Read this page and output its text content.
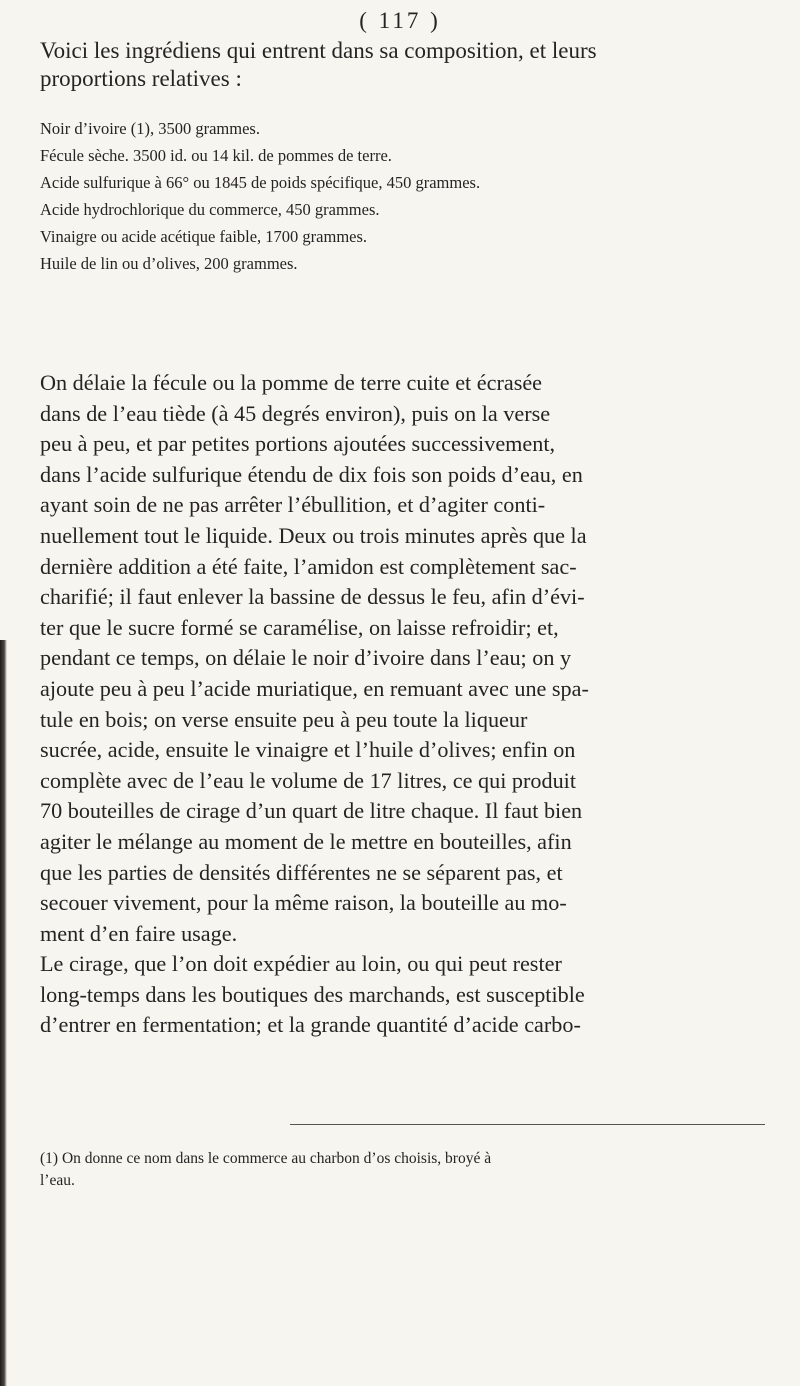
( 117 )
Voici les ingrédiens qui entrent dans sa composition, et leurs
proportions relatives :
Noir d’ivoire (1), 3500 grammes.
Fécule sèche. 3500 id. ou 14 kil. de pommes de terre.
Acide sulfurique à 66° ou 1845 de poids spécifique, 450 grammes.
Acide hydrochlorique du commerce, 450 grammes.
Vinaigre ou acide acétique faible, 1700 grammes.
Huile de lin ou d’olives, 200 grammes.
On délaie la fécule ou la pomme de terre cuite et écrasée
dans de l’eau tiède (à 45 degrés environ), puis on la verse
peu à peu, et par petites portions ajoutées successivement,
dans l’acide sulfurique étendu de dix fois son poids d’eau, en
ayant soin de ne pas arrêter l’ébullition, et d’agiter conti-
nuellement tout le liquide. Deux ou trois minutes après que la
dernière addition a été faite, l’amidon est complètement sac-
charifié; il faut enlever la bassine de dessus le feu, afin d’évi-
ter que le sucre formé se caramélise, on laisse refroidir; et,
pendant ce temps, on délaie le noir d’ivoire dans l’eau; on y
ajoute peu à peu l’acide muriatique, en remuant avec une spa-
tule en bois; on verse ensuite peu à peu toute la liqueur
sucrée, acide, ensuite le vinaigre et l’huile d’olives; enfin on
complète avec de l’eau le volume de 17 litres, ce qui produit
70 bouteilles de cirage d’un quart de litre chaque. Il faut bien
agiter le mélange au moment de le mettre en bouteilles, afin
que les parties de densités différentes ne se séparent pas, et
secouer vivement, pour la même raison, la bouteille au mo-
ment d’en faire usage.
Le cirage, que l’on doit expédier au loin, ou qui peut rester
long-temps dans les boutiques des marchands, est susceptible
d’entrer en fermentation; et la grande quantité d’acide carbo-
(1) On donne ce nom dans le commerce au charbon d’os choisis, broyé à
l’eau.
